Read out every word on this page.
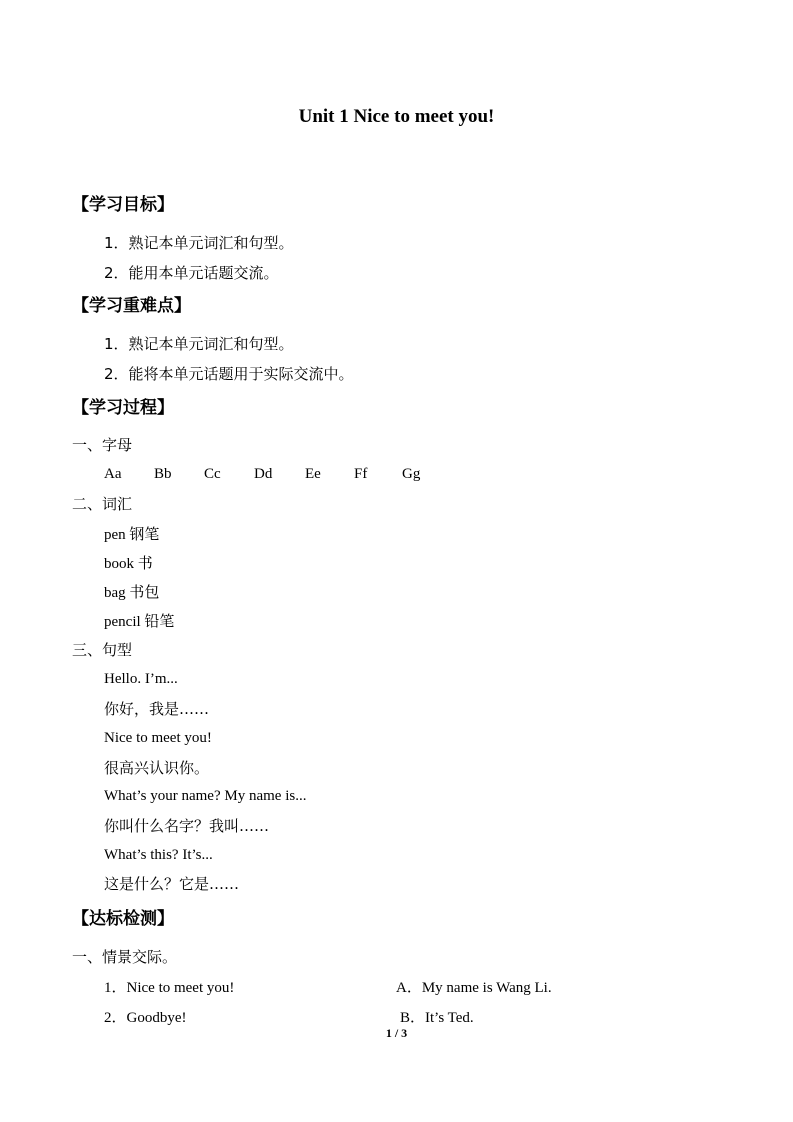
Unit 1 Nice to meet you!
【学习目标】
1．熟记本单元词汇和句型。
2．能用本单元话题交流。
【学习重难点】
1．熟记本单元词汇和句型。
2．能将本单元话题用于实际交流中。
【学习过程】
一、字母
Aa Bb Cc Dd Ee Ff Gg
二、词汇
pen 钢笔
book 书
bag 书包
pencil 铅笔
三、句型
Hello. I’m...
你好，我是……
Nice to meet you!
很高兴认识你。
What’s your name? My name is...
你叫什么名字？我叫……
What’s this? It’s...
这是什么？它是……
【达标检测】
一、情景交际。
1．Nice to meet you!	A．My name is Wang Li.
2．Goodbye!	B．It’s Ted.
1 / 3
